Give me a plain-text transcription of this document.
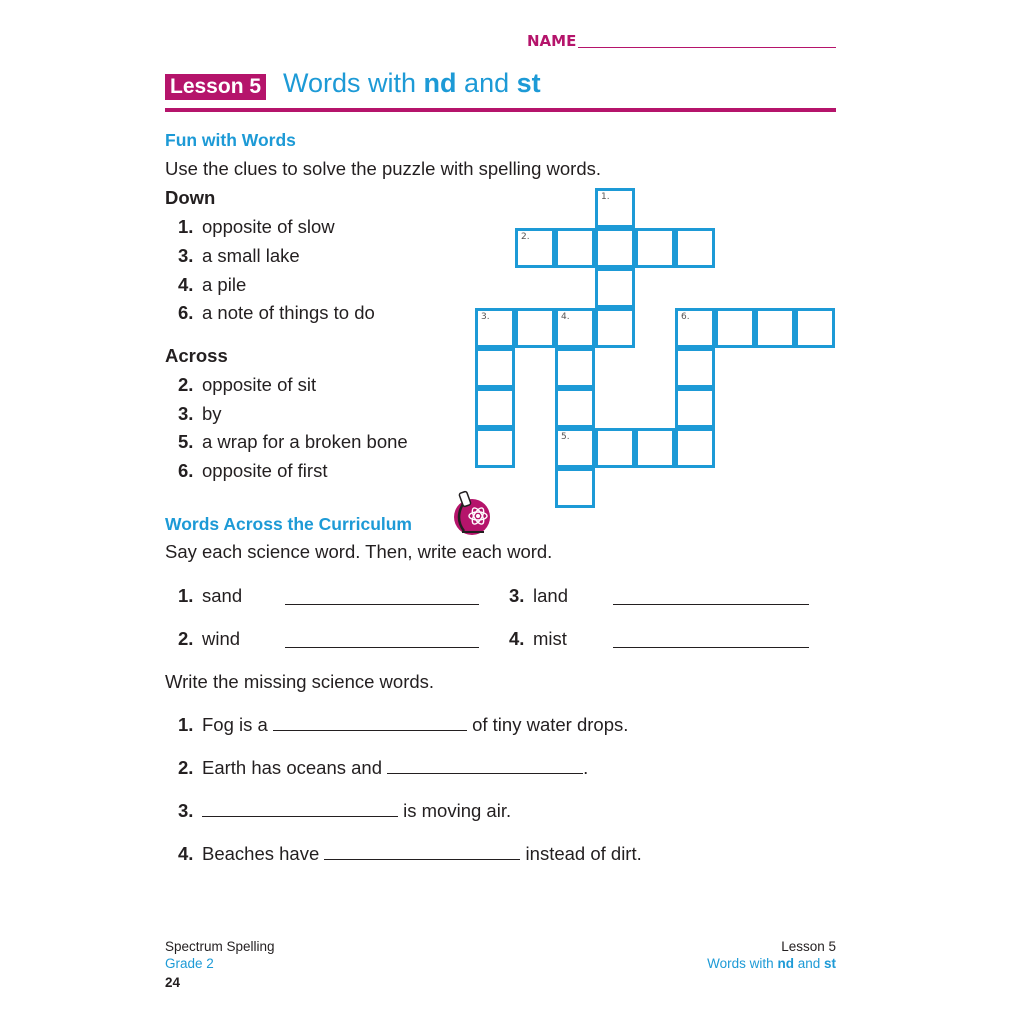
NAME
Lesson 5 Words with nd and st
Fun with Words
Use the clues to solve the puzzle with spelling words.
Down
1. opposite of slow
3. a small lake
4. a pile
6. a note of things to do
Across
2. opposite of sit
3. by
5. a wrap for a broken bone
6. opposite of first
1.
2.
3.	4.	6.
5.
Words Across the Curriculum
Say each science word. Then, write each word.
1. sand	3. land
2. wind	4. mist
Write the missing science words.
1. Fog is a	of tiny water drops.
2. Earth has oceans and	.
3.	is moving air.
4. Beaches have	instead of dirt.
Spectrum Spelling
Grade 2
24
Lesson 5
Words with nd and st
